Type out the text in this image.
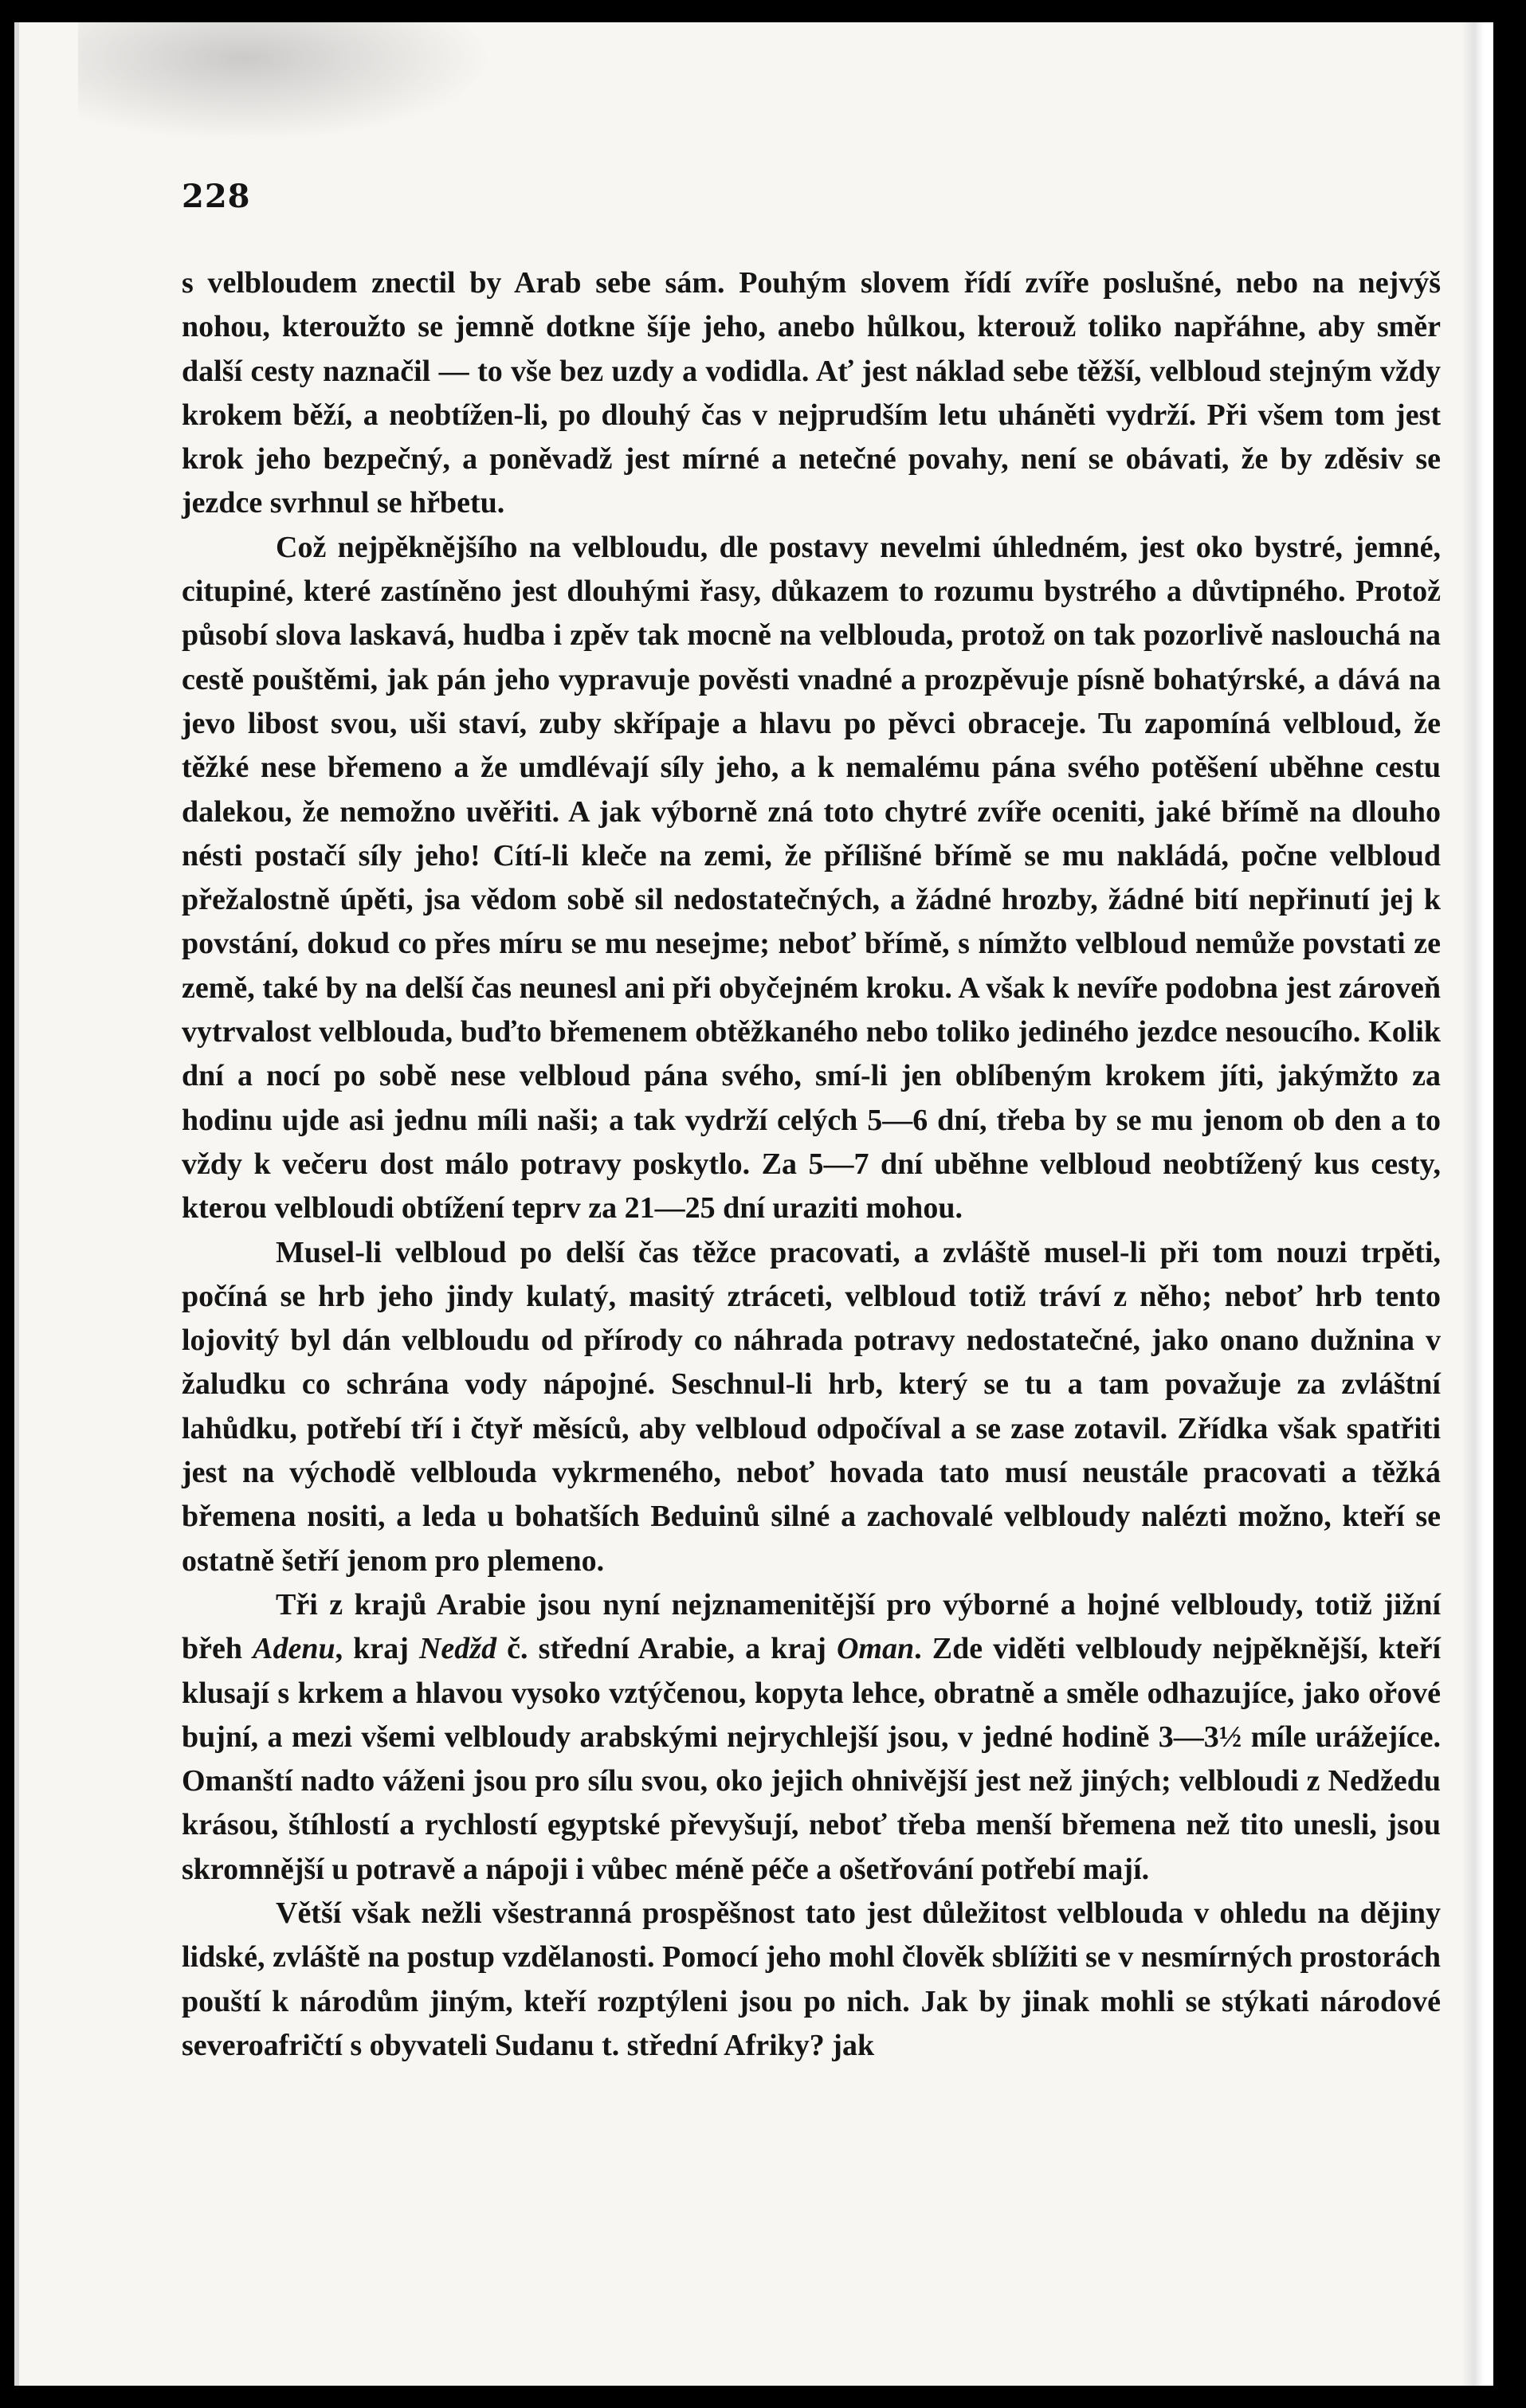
228

s velbloudem znectil by Arab sebe sám. Pouhým slovem řídí zvíře poslušné, nebo na nejvýš nohou, kteroužto se jemně dotkne šíje jeho, anebo hůlkou, kterouž toliko napřáhne, aby směr další cesty naznačil — to vše bez uzdy a vodidla. Ať jest náklad sebe těžší, velbloud stejným vždy krokem běží, a neobtížen-li, po dlouhý čas v nejprudším letu uháněti vydrží. Při všem tom jest krok jeho bezpečný, a poněvadž jest mírné a netečné povahy, není se obávati, že by zděsiv se jezdce svrhnul se hřbetu.

Což nejpěknějšího na velbloudu, dle postavy nevelmi úhledném, jest oko bystré, jemné, citupiné, které zastíněno jest dlouhými řasy, důkazem to rozumu bystrého a důvtipného. Protož působí slova laskavá, hudba i zpěv tak mocně na velblouda, protož on tak pozorlivě naslouchá na cestě pouštěmi, jak pán jeho vypravuje pověsti vnadné a prozpěvuje písně bohatýrské, a dává na jevo libost svou, uši staví, zuby skřípaje a hlavu po pěvci obraceje. Tu zapomíná velbloud, že těžké nese břemeno a že umdlévají síly jeho, a k nemalému pána svého potěšení uběhne cestu dalekou, že nemožno uvěřiti. A jak výborně zná toto chytré zvíře oceniti, jaké břímě na dlouho nésti postačí síly jeho! Cítí-li kleče na zemi, že přílišné břímě se mu nakládá, počne velbloud přežalostně úpěti, jsa vědom sobě sil nedostatečných, a žádné hrozby, žádné bití nepřinutí jej k povstání, dokud co přes míru se mu nesejme; neboť břímě, s nímžto velbloud nemůže povstati ze země, také by na delší čas neunesl ani při obyčejném kroku. A však k nevíře podobna jest zároveň vytrvalost velblouda, buďto břemenem obtěžkaného nebo toliko jediného jezdce nesoucího. Kolik dní a nocí po sobě nese velbloud pána svého, smí-li jen oblíbeným krokem jíti, jakýmžto za hodinu ujde asi jednu míli naši; a tak vydrží celých 5—6 dní, třeba by se mu jenom ob den a to vždy k večeru dost málo potravy poskytlo. Za 5—7 dní uběhne velbloud neobtížený kus cesty, kterou velbloudi obtížení teprv za 21—25 dní uraziti mohou.

Musel-li velbloud po delší čas těžce pracovati, a zvláště musel-li při tom nouzi trpěti, počíná se hrb jeho jindy kulatý, masitý ztráceti, velbloud totiž tráví z něho; neboť hrb tento lojovitý byl dán velbloudu od přírody co náhrada potravy nedostatečné, jako onano dužnina v žaludku co schrána vody nápojné. Seschnul-li hrb, který se tu a tam považuje za zvláštní lahůdku, potřebí tří i čtyř měsíců, aby velbloud odpočíval a se zase zotavil. Zřídka však spatřiti jest na východě velblouda vykrmeného, neboť hovada tato musí neustále pracovati a těžká břemena nositi, a leda u bohatších Beduinů silné a zachovalé velbloudy nalézti možno, kteří se ostatně šetří jenom pro plemeno.

Tři z krajů Arabie jsou nyní nejznamenitější pro výborné a hojné velbloudy, totiž jižní břeh Adenu, kraj Nedžd č. střední Arabie, a kraj Oman. Zde viděti velbloudy nejpěknější, kteří klusají s krkem a hlavou vysoko vztýčenou, kopyta lehce, obratně a směle odhazujíce, jako ořové bujní, a mezi všemi velbloudy arabskými nejrychlejší jsou, v jedné hodině 3—3½ míle urážejíce. Omanští nadto váženi jsou pro sílu svou, oko jejich ohnivější jest než jiných; velbloudi z Nedžedu krásou, štíhlostí a rychlostí egyptské převyšují, neboť třeba menší břemena než tito unesli, jsou skromnější u potravě a nápoji i vůbec méně péče a ošetřování potřebí mají.

Větší však nežli všestranná prospěšnost tato jest důležitost velblouda v ohledu na dějiny lidské, zvláště na postup vzdělanosti. Pomocí jeho mohl člověk sblížiti se v nesmírných prostorách pouští k národům jiným, kteří rozptýleni jsou po nich. Jak by jinak mohli se stýkati národové severoafričtí s obyvateli Sudanu t. střední Afriky? jak
